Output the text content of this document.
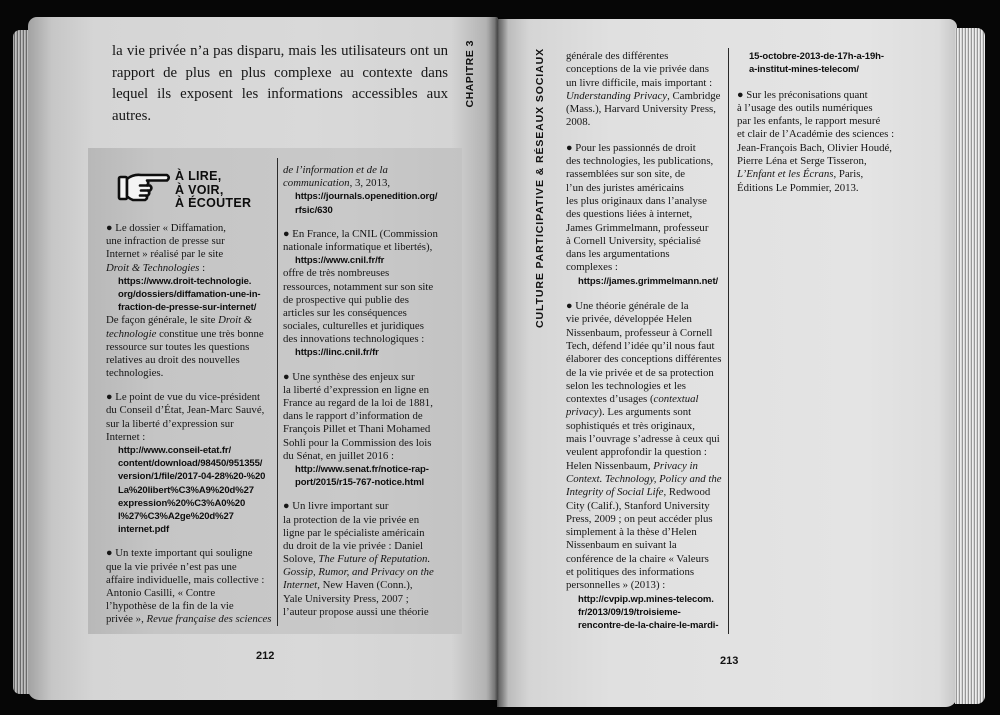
la vie privée n’a pas disparu, mais les utilisateurs ont un
rapport de plus en plus complexe au contexte dans
lequel ils exposent les informations accessibles aux
autres.
CHAPITRE 3
À LIRE,
À VOIR,
À ÉCOUTER
● Le dossier « Diffamation,
une infraction de presse sur
Internet » réalisé par le site
Droit & Technologies :
https://www.droit-technologie.
org/dossiers/diffamation-une-in-
fraction-de-presse-sur-internet/
De façon générale, le site Droit &
technologie constitue une très bonne
ressource sur toutes les questions
relatives au droit des nouvelles
technologies.
● Le point de vue du vice-président
du Conseil d’État, Jean-Marc Sauvé,
sur la liberté d’expression sur
Internet :
http://www.conseil-etat.fr/
content/download/98450/951355/
version/1/file/2017-04-28%20-%20
La%20libert%C3%A9%20d%27
expression%20%C3%A0%20
l%27%C3%A2ge%20d%27
internet.pdf
● Un texte important qui souligne
que la vie privée n’est pas une
affaire individuelle, mais collective :
Antonio Casilli, « Contre
l’hypothèse de la fin de la vie
privée », Revue française des sciences
de l’information et de la
communication, 3, 2013,
https://journals.openedition.org/
rfsic/630
● En France, la CNIL (Commission
nationale informatique et libertés),
https://www.cnil.fr/fr
offre de très nombreuses
ressources, notamment sur son site
de prospective qui publie des
articles sur les conséquences
sociales, culturelles et juridiques
des innovations technologiques :
https://linc.cnil.fr/fr
● Une synthèse des enjeux sur
la liberté d’expression en ligne en
France au regard de la loi de 1881,
dans le rapport d’information de
François Pillet et Thani Mohamed
Sohli pour la Commission des lois
du Sénat, en juillet 2016 :
http://www.senat.fr/notice-rap-
port/2015/r15-767-notice.html
● Un livre important sur
la protection de la vie privée en
ligne par le spécialiste américain
du droit de la vie privée : Daniel
Solove, The Future of Reputation.
Gossip, Rumor, and Privacy on the
Internet, New Haven (Conn.),
Yale University Press, 2007 ;
l’auteur propose aussi une théorie
212
CULTURE PARTICIPATIVE & RÉSEAUX SOCIAUX générale des différentes
conceptions de la vie privée dans
un livre difficile, mais important :
Understanding Privacy, Cambridge
(Mass.), Harvard University Press,
2008.
● Pour les passionnés de droit
des technologies, les publications,
rassemblées sur son site, de
l’un des juristes américains
les plus originaux dans l’analyse
des questions liées à internet,
James Grimmelmann, professeur
à Cornell University, spécialisé
dans les argumentations
complexes :
https://james.grimmelmann.net/
● Une théorie générale de la
vie privée, développée Helen
Nissenbaum, professeur à Cornell
Tech, défend l’idée qu’il nous faut
élaborer des conceptions différentes
de la vie privée et de sa protection
selon les technologies et les
contextes d’usages (contextual
privacy). Les arguments sont
sophistiqués et très originaux,
mais l’ouvrage s’adresse à ceux qui
veulent approfondir la question :
Helen Nissenbaum, Privacy in
Context. Technology, Policy and the
Integrity of Social Life, Redwood
City (Calif.), Stanford University
Press, 2009 ; on peut accéder plus
simplement à la thèse d’Helen
Nissenbaum en suivant la
conférence de la chaire « Valeurs
et politiques des informations
personnelles » (2013) :
http://cvpip.wp.mines-telecom.
fr/2013/09/19/troisieme-
rencontre-de-la-chaire-le-mardi-
15-octobre-2013-de-17h-a-19h-
a-institut-mines-telecom/
● Sur les préconisations quant
à l’usage des outils numériques
par les enfants, le rapport mesuré
et clair de l’Académie des sciences :
Jean-François Bach, Olivier Houdé,
Pierre Léna et Serge Tisseron,
L’Enfant et les Écrans, Paris,
Éditions Le Pommier, 2013.
213
